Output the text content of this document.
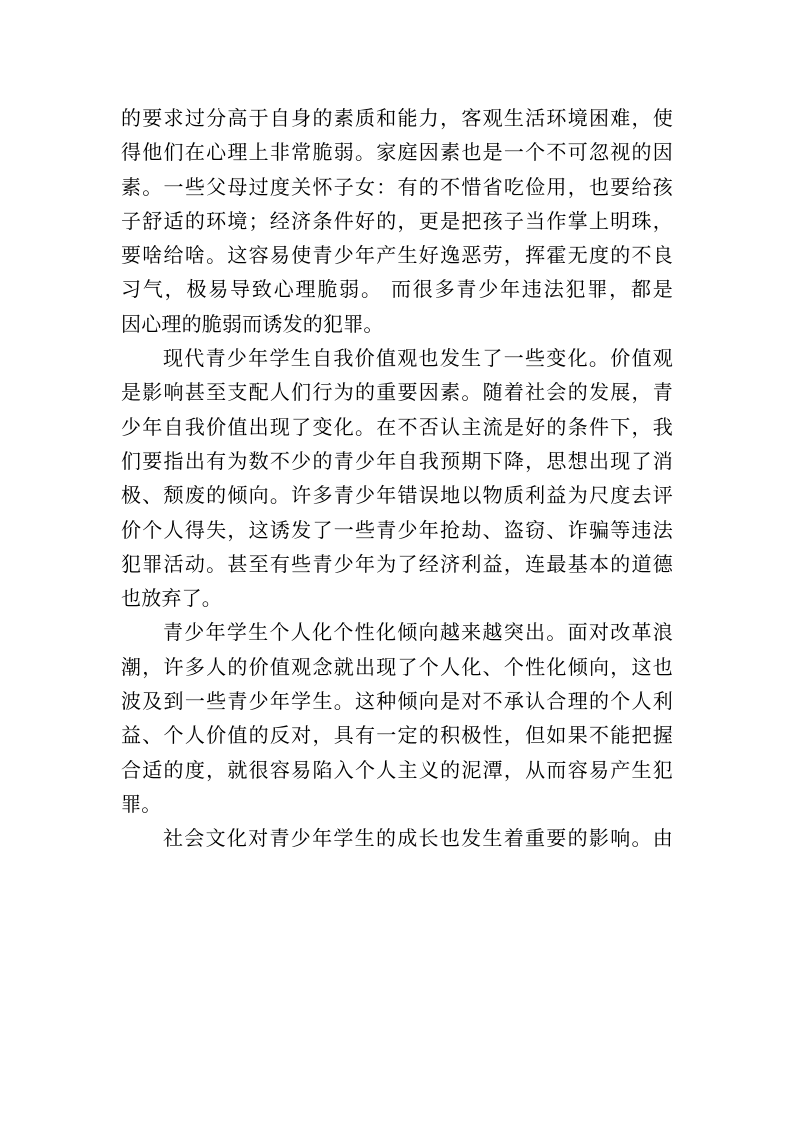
的要求过分高于自身的素质和能力，客观生活环境困难，使
得他们在心理上非常脆弱。家庭因素也是一个不可忽视的因
素。一些父母过度关怀子女：有的不惜省吃俭用，也要给孩
子舒适的环境；经济条件好的，更是把孩子当作掌上明珠，
要啥给啥。这容易使青少年产生好逸恶劳，挥霍无度的不良
习气，极易导致心理脆弱。 而很多青少年违法犯罪，都是
因心理的脆弱而诱发的犯罪。
现代青少年学生自我价值观也发生了一些变化。价值观
是影响甚至支配人们行为的重要因素。随着社会的发展，青
少年自我价值出现了变化。在不否认主流是好的条件下，我
们要指出有为数不少的青少年自我预期下降，思想出现了消
极、颓废的倾向。许多青少年错误地以物质利益为尺度去评
价个人得失，这诱发了一些青少年抢劫、盗窃、诈骗等违法
犯罪活动。甚至有些青少年为了经济利益，连最基本的道德
也放弃了。
青少年学生个人化个性化倾向越来越突出。面对改革浪
潮，许多人的价值观念就出现了个人化、个性化倾向，这也
波及到一些青少年学生。这种倾向是对不承认合理的个人利
益、个人价值的反对，具有一定的积极性，但如果不能把握
合适的度，就很容易陷入个人主义的泥潭，从而容易产生犯
罪。
社会文化对青少年学生的成长也发生着重要的影响。由
